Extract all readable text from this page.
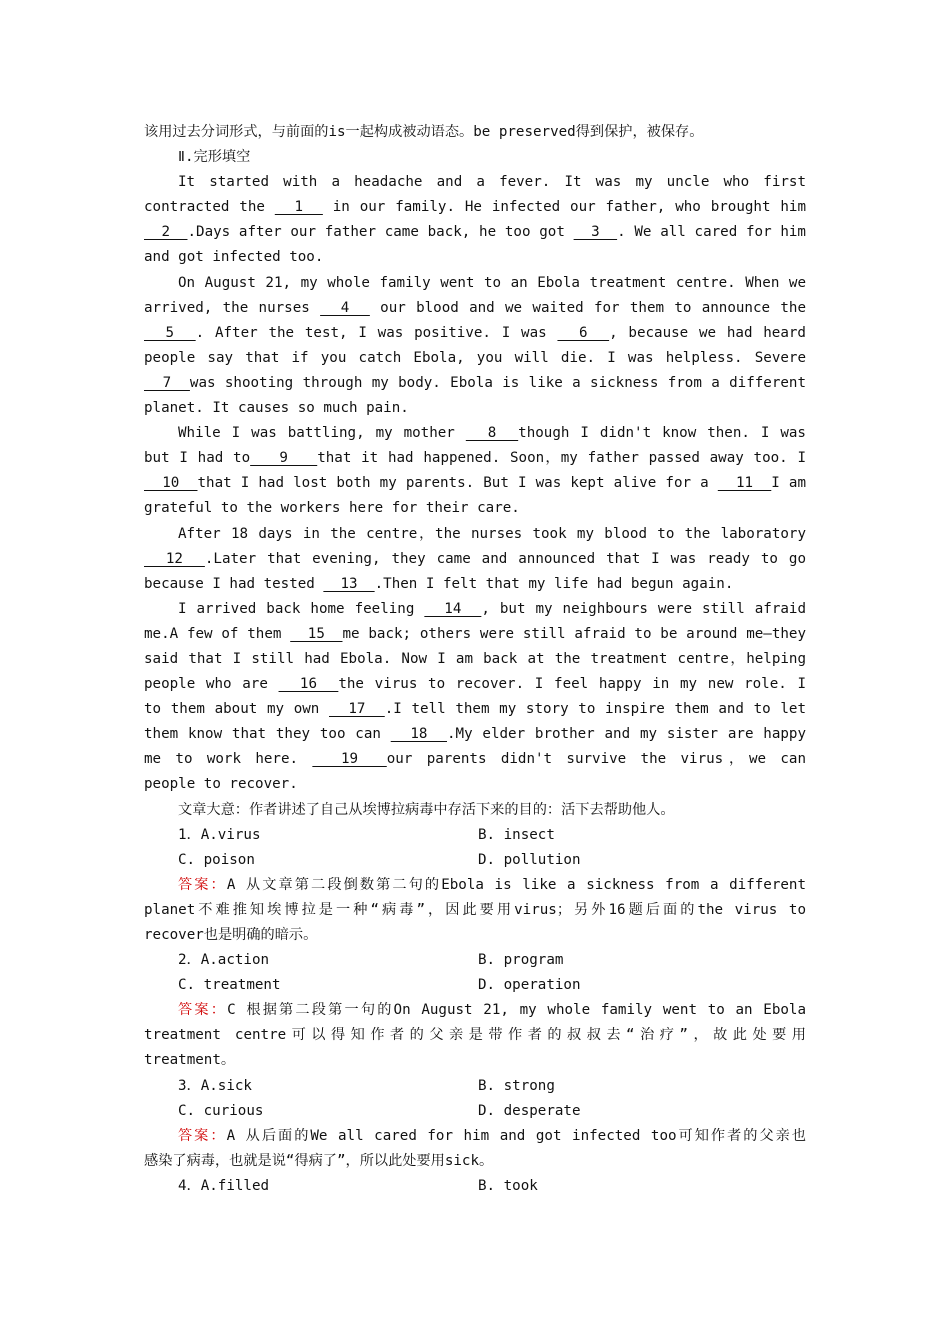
该用过去分词形式，与前面的is一起构成被动语态。be preserved得到保护，被保存。
Ⅱ.完形填空
It started with a headache and a fever. It was my uncle who first
contracted the   1   in our family. He infected our father, who brought him
2  .Days after our father came back, he too got   3  . We all cared for him
and got infected too.
On August 21, my whole family went to an Ebola treatment centre. When we
arrived, the nurses   4   our blood and we waited for them to announce the
5  . After the test, I was positive. I was   6  , because we had heard
people say that if you catch Ebola, you will die. I was helpless. Severe
7  was shooting through my body. Ebola is like a sickness from a different
planet. It causes so much pain.
While I was battling, my mother   8  though I didn't know then. I was
but I had to   9   that it had happened. Soon，my father passed away too. I
10  that I had lost both my parents. But I was kept alive for a   11  I am
grateful to the workers here for their care.
After 18 days in the centre，the nurses took my blood to the laboratory
12  .Later that evening, they came and announced that I was ready to go
because I had tested   13  .Then I felt that my life had begun again.
I arrived back home feeling   14  , but my neighbours were still afraid
me.A few of them   15  me back; others were still afraid to be around me—they
said that I still had Ebola. Now I am back at the treatment centre，helping
people who are   16  the virus to recover. I feel happy in my new role. I
to them about my own   17  .I tell them my story to inspire them and to let
them know that they too can   18  .My elder brother and my sister are happy
me to work here.   19  our parents didn't survive the virus，we can
people to recover.
文章大意：作者讲述了自己从埃博拉病毒中存活下来的目的：活下去帮助他人。
1．A.virus	B. insect
C. poison	D. pollution
答案：A 从文章第二段倒数第二句的Ebola is like a sickness from a different
planet不难推知埃博拉是一种“病毒”，因此要用virus；另外16题后面的the virus to
recover也是明确的暗示。
2．A.action	B. program
C. treatment	D. operation
答案：C 根据第二段第一句的On August 21, my whole family went to an Ebola
treatment centre可以得知作者的父亲是带作者的叔叔去“治疗”，故此处要用
treatment。
3．A.sick	B. strong
C. curious	D. desperate
答案：A 从后面的We all cared for him and got infected too可知作者的父亲也
感染了病毒，也就是说“得病了”，所以此处要用sick。
4．A.filled	B. took
